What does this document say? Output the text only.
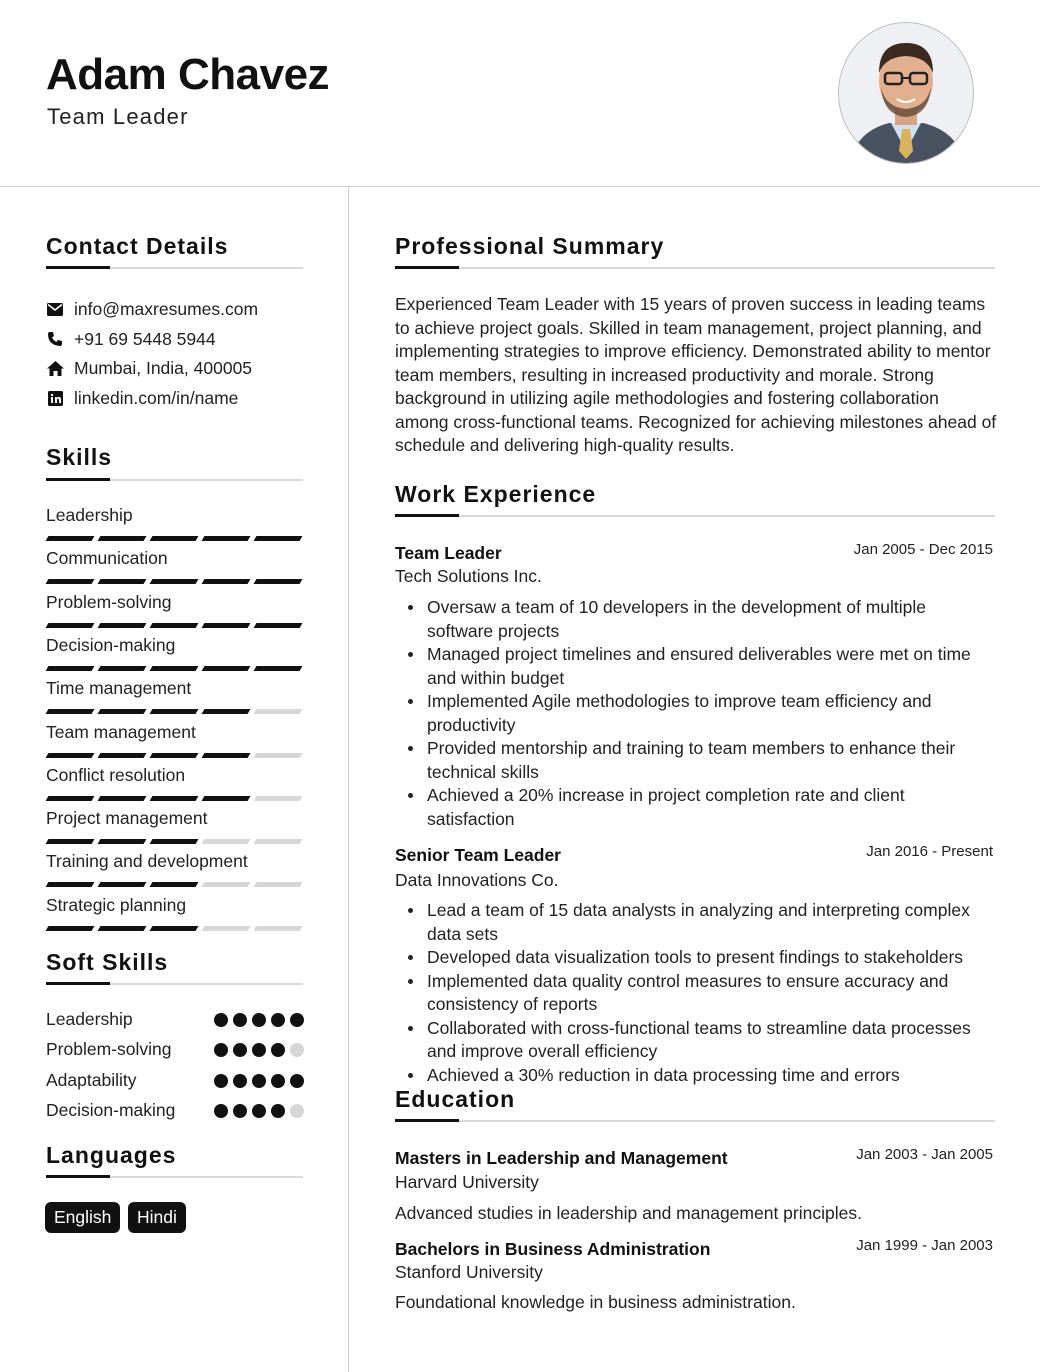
Adam Chavez
Team Leader
Contact Details
info@maxresumes.com
+91 69 5448 5944
Mumbai, India, 400005
linkedin.com/in/name
Skills
Leadership
Communication
Problem-solving
Decision-making
Time management
Team management
Conflict resolution
Project management
Training and development
Strategic planning
Soft Skills
Leadership
Problem-solving
Adaptability
Decision-making
Languages
English	Hindi
Professional Summary
Experienced Team Leader with 15 years of proven success in leading teams to achieve project goals. Skilled in team management, project planning, and implementing strategies to improve efficiency. Demonstrated ability to mentor team members, resulting in increased productivity and morale. Strong background in utilizing agile methodologies and fostering collaboration among cross-functional teams. Recognized for achieving milestones ahead of schedule and delivering high-quality results.
Work Experience
Team Leader	Jan 2005 - Dec 2015
Tech Solutions Inc.
Oversaw a team of 10 developers in the development of multiple software projects
Managed project timelines and ensured deliverables were met on time and within budget
Implemented Agile methodologies to improve team efficiency and productivity
Provided mentorship and training to team members to enhance their technical skills
Achieved a 20% increase in project completion rate and client satisfaction
Senior Team Leader	Jan 2016 - Present
Data Innovations Co.
Lead a team of 15 data analysts in analyzing and interpreting complex data sets
Developed data visualization tools to present findings to stakeholders
Implemented data quality control measures to ensure accuracy and consistency of reports
Collaborated with cross-functional teams to streamline data processes and improve overall efficiency
Achieved a 30% reduction in data processing time and errors
Education
Masters in Leadership and Management	Jan 2003 - Jan 2005
Harvard University
Advanced studies in leadership and management principles.
Bachelors in Business Administration	Jan 1999 - Jan 2003
Stanford University
Foundational knowledge in business administration.
